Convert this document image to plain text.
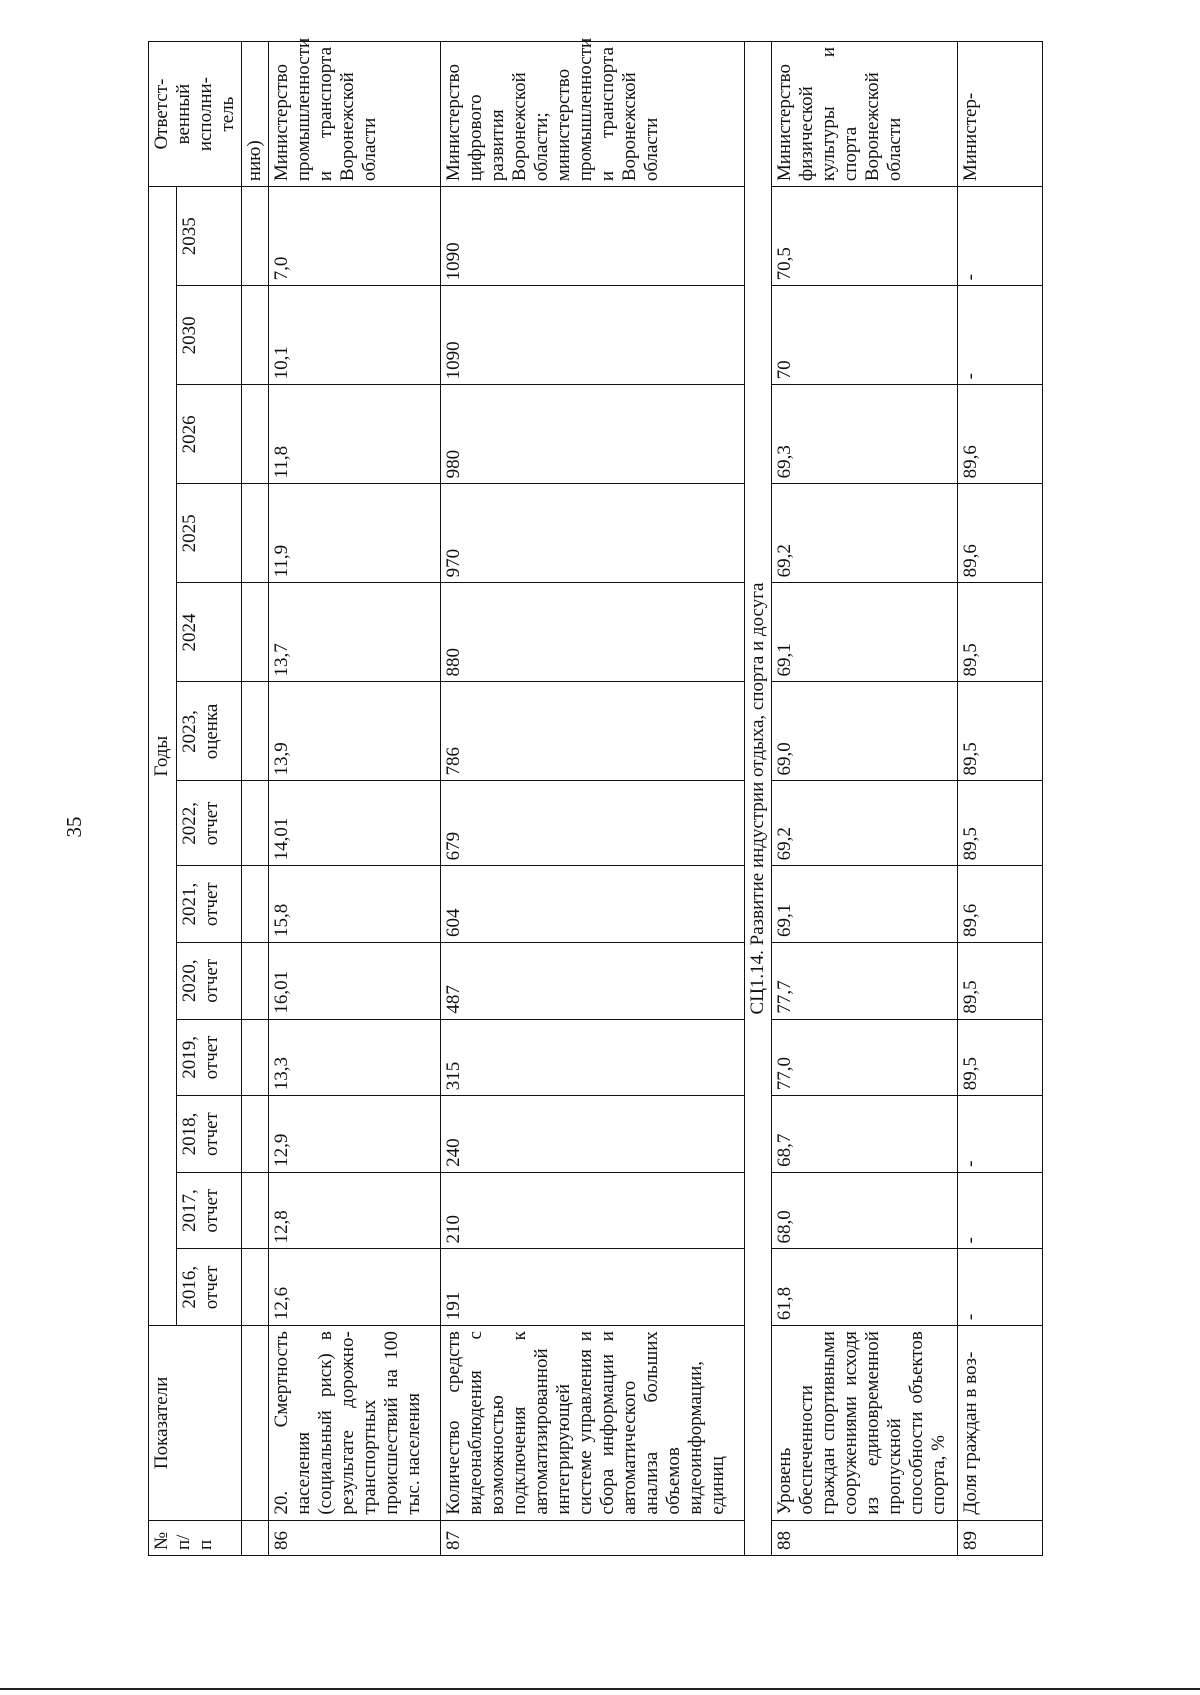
35
№
п/п	Показатели	Годы													Ответст-
венный
исполни-
тель
		2016,
отчет	2017,
отчет	2018,
отчет	2019,
отчет	2020,
отчет	2021,
отчет	2022,
отчет	2023,
оценка	2024	2025	2026	2030	2035	
															нию)
86	20. Смертность населения (социальный риск) в результате дорожно-транспортных происшествий на 100 тыс. населения	12,6	12,8	12,9	13,3	16,01	15,8	14,01	13,9	13,7	11,9	11,8	10,1	7,0	Министерство промышленности и транспорта Воронежской области
87	Количество средств видеонаблюдения с возможностью подключения к автоматизированной интегрирующей системе управления и сбора информации и автоматического анализа больших объемов видеоинформации, единиц	191	210	240	315	487	604	679	786	880	970	980	1090	1090	Министерство цифрового развития Воронежской области; министерство промышленности и транспорта Воронежской области
СЦ1.14. Развитие индустрии отдыха, спорта и досуга															
88	Уровень обеспеченности граждан спортивными сооружениями исходя из единовременной пропускной способности объектов спорта, %	61,8	68,0	68,7	77,0	77,7	69,1	69,2	69,0	69,1	69,2	69,3	70	70,5	Министерство физической культуры и спорта Воронежской области
89	Доля граждан в воз-	-	-	-	89,5	89,5	89,6	89,5	89,5	89,5	89,6	89,6	-	-	Министер-
